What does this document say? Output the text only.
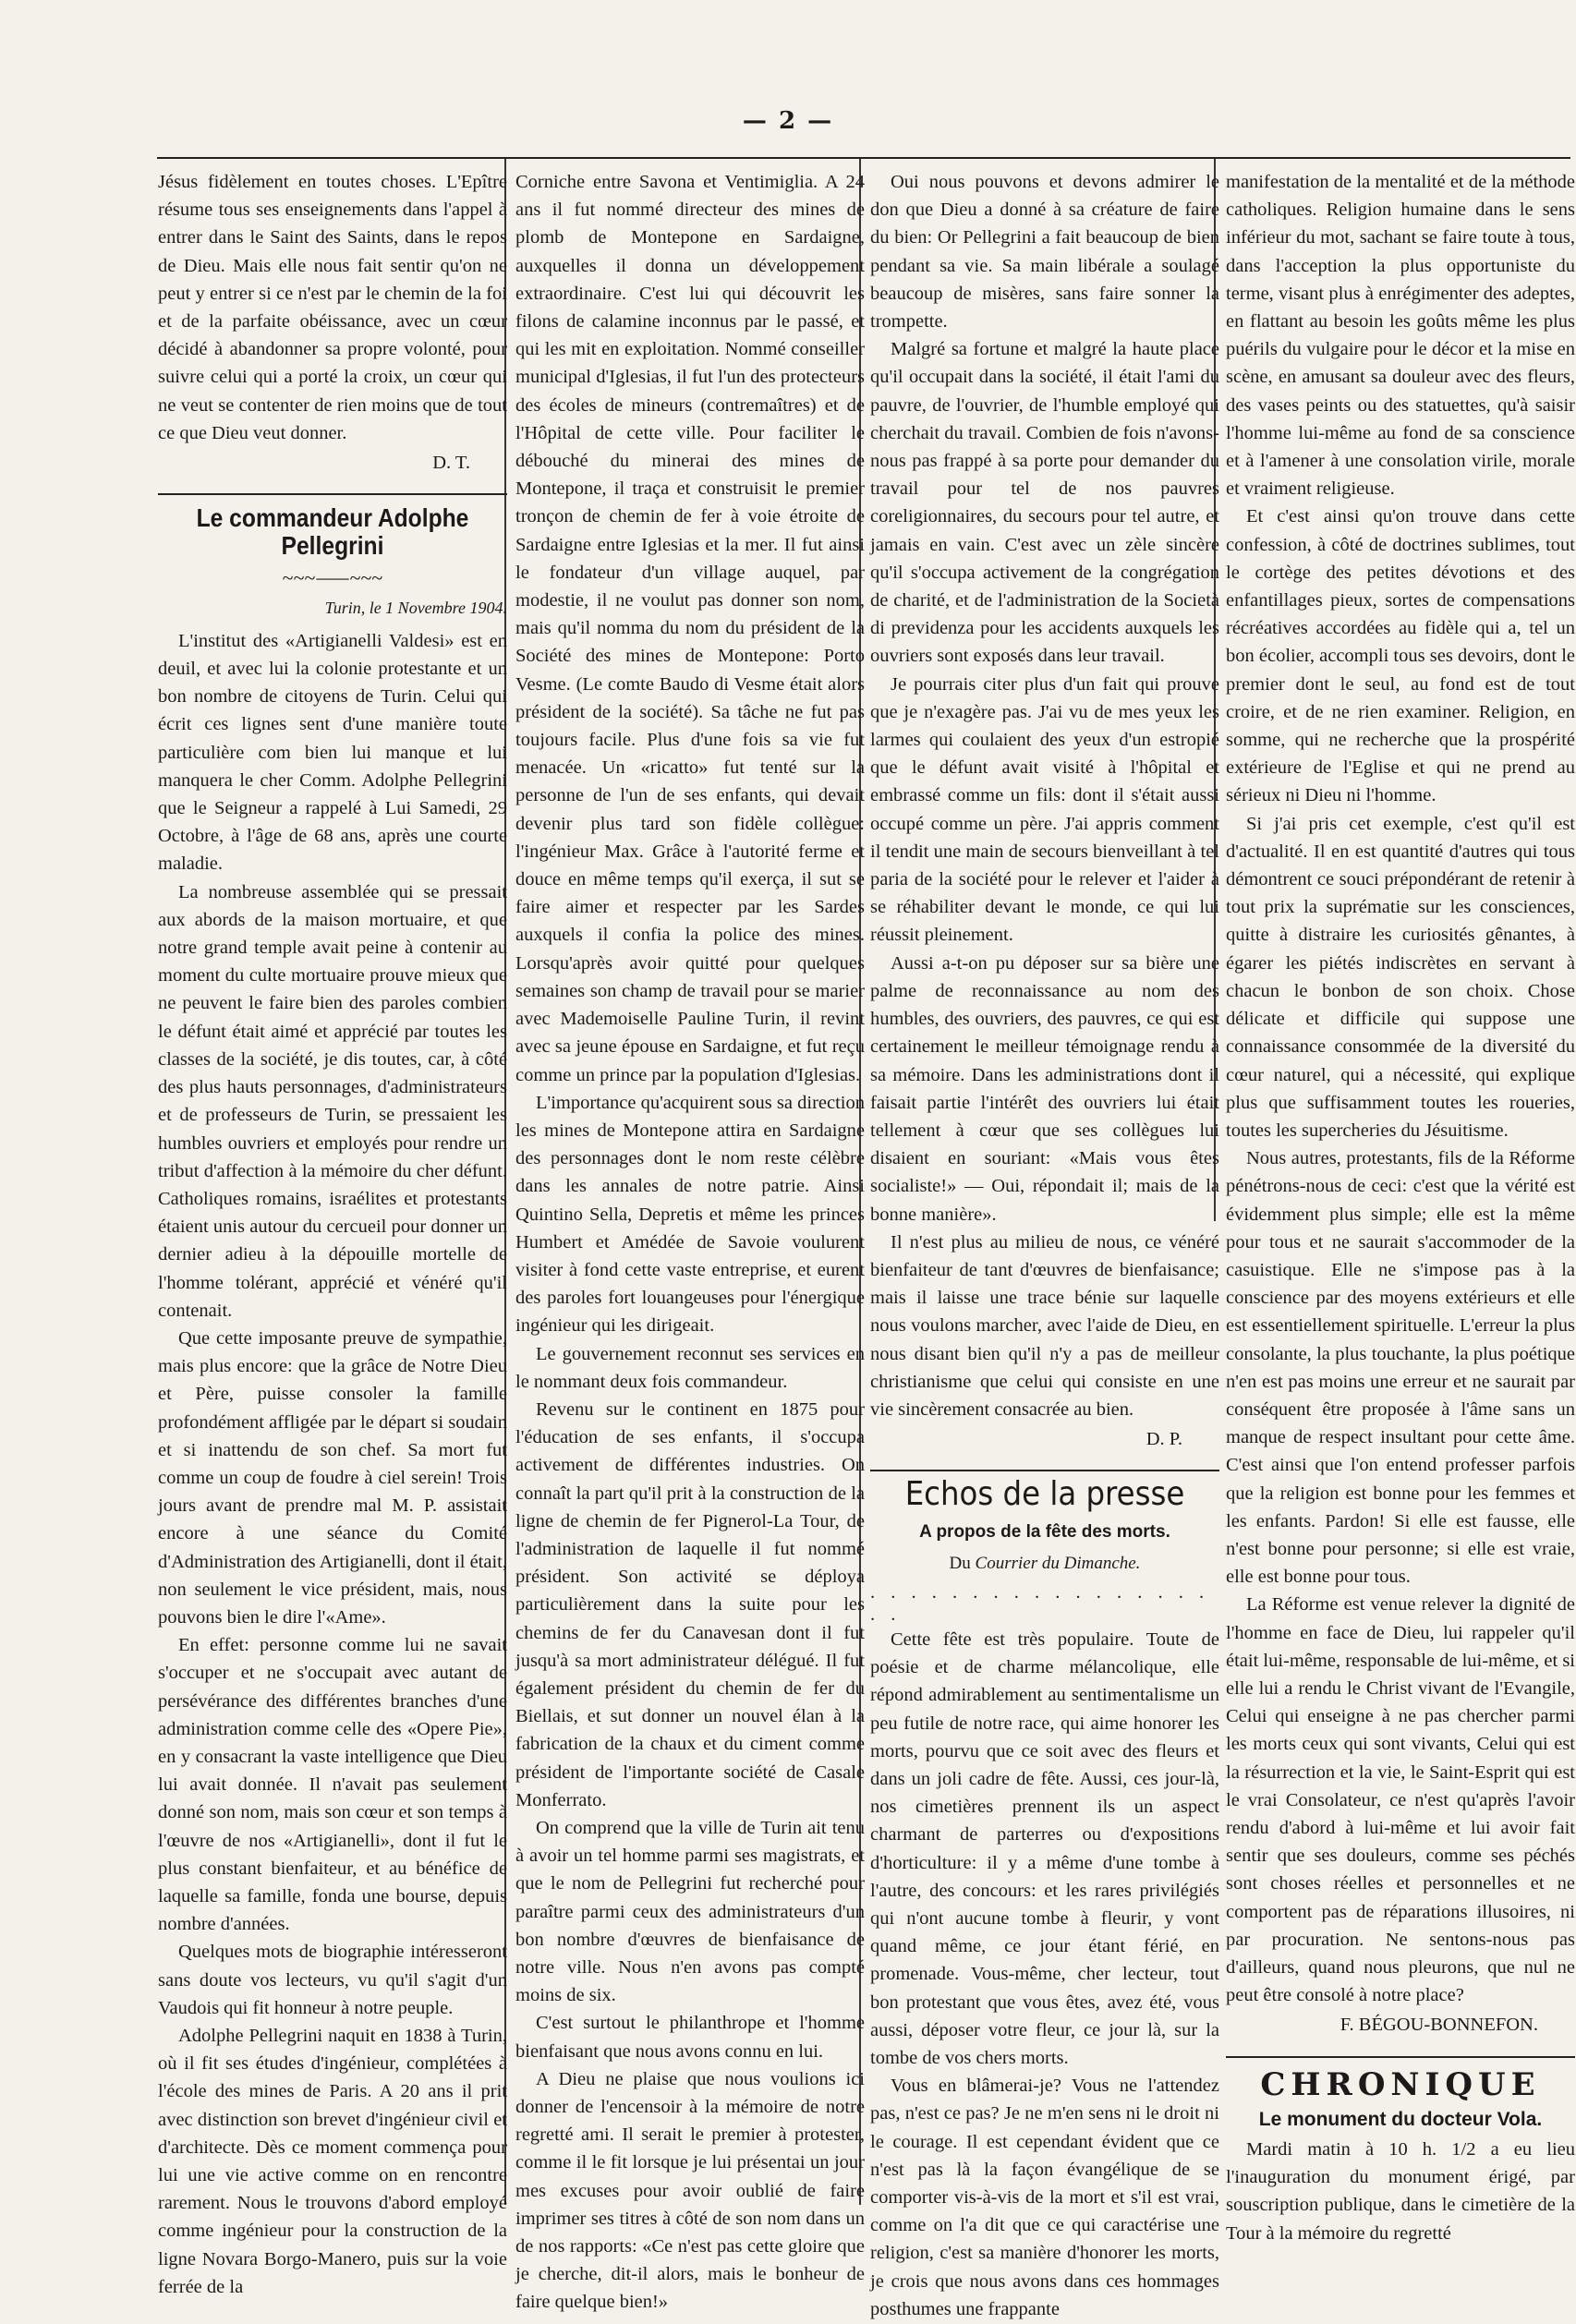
— 2 —

Jésus fidèlement en toutes choses. L'Epître résume tous ses enseignements dans l'appel à entrer dans le Saint des Saints, dans le repos de Dieu. Mais elle nous fait sentir qu'on ne peut y entrer si ce n'est par le chemin de la foi et de la parfaite obéissance, avec un cœur décidé à abandonner sa propre volonté, pour suivre celui qui a porté la croix, un cœur qui ne veut se contenter de rien moins que de tout ce que Dieu veut donner.

D. T.
Le commandeur Adolphe Pellegrini
~~~⸺~~~
Turin, le 1 Novembre 1904.

L'institut des «Artigianelli Valdesi» est en deuil, et avec lui la colonie protestante et un bon nombre de citoyens de Turin. Celui qui écrit ces lignes sent d'une manière toute particulière com bien lui manque et lui manquera le cher Comm. Adolphe Pellegrini que le Seigneur a rappelé à Lui Samedi, 29 Octobre, à l'âge de 68 ans, après une courte maladie.

La nombreuse assemblée qui se pressait aux abords de la maison mortuaire, et que notre grand temple avait peine à contenir au moment du culte mortuaire prouve mieux que ne peuvent le faire bien des paroles combien le défunt était aimé et apprécié par toutes les classes de la société, je dis toutes, car, à côté des plus hauts personnages, d'administrateurs et de professeurs de Turin, se pressaient les humbles ouvriers et employés pour rendre un tribut d'affection à la mémoire du cher défunt. Catholiques romains, israélites et protestants étaient unis autour du cercueil pour donner un dernier adieu à la dépouille mortelle de l'homme tolérant, apprécié et vénéré qu'il contenait.

Que cette imposante preuve de sympathie, mais plus encore: que la grâce de Notre Dieu et Père, puisse consoler la famille profondément affligée par le départ si soudain et si inattendu de son chef. Sa mort fut comme un coup de foudre à ciel serein! Trois jours avant de prendre mal M. P. assistait encore à une séance du Comité d'Administration des Artigianelli, dont il était, non seulement le vice président, mais, nous pouvons bien le dire l'«Ame».

En effet: personne comme lui ne savait s'occuper et ne s'occupait avec autant de persévérance des différentes branches d'une administration comme celle des «Opere Pie», en y consacrant la vaste intelligence que Dieu lui avait donnée. Il n'avait pas seulement donné son nom, mais son cœur et son temps à l'œuvre de nos «Artigianelli», dont il fut le plus constant bienfaiteur, et au bénéfice de laquelle sa famille, fonda une bourse, depuis nombre d'années.

Quelques mots de biographie intéresseront sans doute vos lecteurs, vu qu'il s'agit d'un Vaudois qui fit honneur à notre peuple.

Adolphe Pellegrini naquit en 1838 à Turin, où il fit ses études d'ingénieur, complétées à l'école des mines de Paris. A 20 ans il prit avec distinction son brevet d'ingénieur civil et d'architecte. Dès ce moment commença pour lui une vie active comme on en rencontre rarement. Nous le trouvons d'abord employé comme ingénieur pour la construction de la ligne Novara Borgo-Manero, puis sur la voie ferrée de la

Corniche entre Savona et Ventimiglia. A 24 ans il fut nommé directeur des mines de plomb de Montepone en Sardaigne, auxquelles il donna un développement extraordinaire. C'est lui qui découvrit les filons de calamine inconnus par le passé, et qui les mit en exploitation. Nommé conseiller municipal d'Iglesias, il fut l'un des protecteurs des écoles de mineurs (contremaîtres) et de l'Hôpital de cette ville. Pour faciliter le débouché du minerai des mines de Montepone, il traça et construisit le premier tronçon de chemin de fer à voie étroite de Sardaigne entre Iglesias et la mer. Il fut ainsi le fondateur d'un village auquel, par modestie, il ne voulut pas donner son nom, mais qu'il nomma du nom du président de la Société des mines de Montepone: Porto Vesme. (Le comte Baudo di Vesme était alors président de la société). Sa tâche ne fut pas toujours facile. Plus d'une fois sa vie fut menacée. Un «ricatto» fut tenté sur la personne de l'un de ses enfants, qui devait devenir plus tard son fidèle collègue: l'ingénieur Max. Grâce à l'autorité ferme et douce en même temps qu'il exerça, il sut se faire aimer et respecter par les Sardes auxquels il confia la police des mines. Lorsqu'après avoir quitté pour quelques semaines son champ de travail pour se marier avec Mademoiselle Pauline Turin, il revint avec sa jeune épouse en Sardaigne, et fut reçu comme un prince par la population d'Iglesias.

L'importance qu'acquirent sous sa direction les mines de Montepone attira en Sardaigne des personnages dont le nom reste célèbre dans les annales de notre patrie. Ainsi Quintino Sella, Depretis et même les princes Humbert et Amédée de Savoie voulurent visiter à fond cette vaste entreprise, et eurent des paroles fort louangeuses pour l'énergique ingénieur qui les dirigeait.

Le gouvernement reconnut ses services en le nommant deux fois commandeur.

Revenu sur le continent en 1875 pour l'éducation de ses enfants, il s'occupa activement de différentes industries. On connaît la part qu'il prit à la construction de la ligne de chemin de fer Pignerol-La Tour, de l'administration de laquelle il fut nommé président. Son activité se déploya particulièrement dans la suite pour les chemins de fer du Canavesan dont il fut jusqu'à sa mort administrateur délégué. Il fut également président du chemin de fer du Biellais, et sut donner un nouvel élan à la fabrication de la chaux et du ciment comme président de l'importante société de Casale Monferrato.

On comprend que la ville de Turin ait tenu à avoir un tel homme parmi ses magistrats, et que le nom de Pellegrini fut recherché pour paraître parmi ceux des administrateurs d'un bon nombre d'œuvres de bienfaisance de notre ville. Nous n'en avons pas compté moins de six.

C'est surtout le philanthrope et l'homme bienfaisant que nous avons connu en lui.

A Dieu ne plaise que nous voulions ici donner de l'encensoir à la mémoire de notre regretté ami. Il serait le premier à protester, comme il le fit lorsque je lui présentai un jour mes excuses pour avoir oublié de faire imprimer ses titres à côté de son nom dans un de nos rapports: «Ce n'est pas cette gloire que je cherche, dit-il alors, mais le bonheur de faire quelque bien!»

Oui nous pouvons et devons admirer le don que Dieu a donné à sa créature de faire du bien: Or Pellegrini a fait beaucoup de bien pendant sa vie. Sa main libérale a soulagé beaucoup de misères, sans faire sonner la trompette.

Malgré sa fortune et malgré la haute place qu'il occupait dans la société, il était l'ami du pauvre, de l'ouvrier, de l'humble employé qui cherchait du travail. Combien de fois n'avons-nous pas frappé à sa porte pour demander du travail pour tel de nos pauvres coreligionnaires, du secours pour tel autre, et jamais en vain. C'est avec un zèle sincère qu'il s'occupa activement de la congrégation de charité, et de l'administration de la Società di previdenza pour les accidents auxquels les ouvriers sont exposés dans leur travail.

Je pourrais citer plus d'un fait qui prouve que je n'exagère pas. J'ai vu de mes yeux les larmes qui coulaient des yeux d'un estropié que le défunt avait visité à l'hôpital et embrassé comme un fils: dont il s'était aussi occupé comme un père. J'ai appris comment il tendit une main de secours bienveillant à tel paria de la société pour le relever et l'aider à se réhabiliter devant le monde, ce qui lui réussit pleinement.

Aussi a-t-on pu déposer sur sa bière une palme de reconnaissance au nom des humbles, des ouvriers, des pauvres, ce qui est certainement le meilleur témoignage rendu à sa mémoire. Dans les administrations dont il faisait partie l'intérêt des ouvriers lui était tellement à cœur que ses collègues lui disaient en souriant: «Mais vous êtes socialiste!» — Oui, répondait il; mais de la bonne manière».

Il n'est plus au milieu de nous, ce vénéré bienfaiteur de tant d'œuvres de bienfaisance; mais il laisse une trace bénie sur laquelle nous voulons marcher, avec l'aide de Dieu, en nous disant bien qu'il n'y a pas de meilleur christianisme que celui qui consiste en une vie sincèrement consacrée au bien.

D. P.
Echos de la presse
A propos de la fête des morts.
Du Courrier du Dimanche.
. . . . . . . . . . . . . . . . . . .

Cette fête est très populaire. Toute de poésie et de charme mélancolique, elle répond admirablement au sentimentalisme un peu futile de notre race, qui aime honorer les morts, pourvu que ce soit avec des fleurs et dans un joli cadre de fête. Aussi, ces jour-là, nos cimetières prennent ils un aspect charmant de parterres ou d'expositions d'horticulture: il y a même d'une tombe à l'autre, des concours: et les rares privilégiés qui n'ont aucune tombe à fleurir, y vont quand même, ce jour étant férié, en promenade. Vous-même, cher lecteur, tout bon protestant que vous êtes, avez été, vous aussi, déposer votre fleur, ce jour là, sur la tombe de vos chers morts.

Vous en blâmerai-je? Vous ne l'attendez pas, n'est ce pas? Je ne m'en sens ni le droit ni le courage. Il est cependant évident que ce n'est pas là la façon évangélique de se comporter vis-à-vis de la mort et s'il est vrai, comme on l'a dit que ce qui caractérise une religion, c'est sa manière d'honorer les morts, je crois que nous avons dans ces hommages posthumes une frappante

manifestation de la mentalité et de la méthode catholiques. Religion humaine dans le sens inférieur du mot, sachant se faire toute à tous, dans l'acception la plus opportuniste du terme, visant plus à enrégimenter des adeptes, en flattant au besoin les goûts même les plus puérils du vulgaire pour le décor et la mise en scène, en amusant sa douleur avec des fleurs, des vases peints ou des statuettes, qu'à saisir l'homme lui-même au fond de sa conscience et à l'amener à une consolation virile, morale et vraiment religieuse.

Et c'est ainsi qu'on trouve dans cette confession, à côté de doctrines sublimes, tout le cortège des petites dévotions et des enfantillages pieux, sortes de compensations récréatives accordées au fidèle qui a, tel un bon écolier, accompli tous ses devoirs, dont le premier dont le seul, au fond est de tout croire, et de ne rien examiner. Religion, en somme, qui ne recherche que la prospérité extérieure de l'Eglise et qui ne prend au sérieux ni Dieu ni l'homme.

Si j'ai pris cet exemple, c'est qu'il est d'actualité. Il en est quantité d'autres qui tous démontrent ce souci prépondérant de retenir à tout prix la suprématie sur les consciences, quitte à distraire les curiosités gênantes, à égarer les piétés indiscrètes en servant à chacun le bonbon de son choix. Chose délicate et difficile qui suppose une connaissance consommée de la diversité du cœur naturel, qui a nécessité, qui explique plus que suffisamment toutes les roueries, toutes les supercheries du Jésuitisme.

Nous autres, protestants, fils de la Réforme pénétrons-nous de ceci: c'est que la vérité est évidemment plus simple; elle est la même pour tous et ne saurait s'accommoder de la casuistique. Elle ne s'impose pas à la conscience par des moyens extérieurs et elle est essentiellement spirituelle. L'erreur la plus consolante, la plus touchante, la plus poétique n'en est pas moins une erreur et ne saurait par conséquent être proposée à l'âme sans un manque de respect insultant pour cette âme. C'est ainsi que l'on entend professer parfois que la religion est bonne pour les femmes et les enfants. Pardon! Si elle est fausse, elle n'est bonne pour personne; si elle est vraie, elle est bonne pour tous.

La Réforme est venue relever la dignité de l'homme en face de Dieu, lui rappeler qu'il était lui-même, responsable de lui-même, et si elle lui a rendu le Christ vivant de l'Evangile, Celui qui enseigne à ne pas chercher parmi les morts ceux qui sont vivants, Celui qui est la résurrection et la vie, le Saint-Esprit qui est le vrai Consolateur, ce n'est qu'après l'avoir rendu d'abord à lui-même et lui avoir fait sentir que ses douleurs, comme ses péchés sont choses réelles et personnelles et ne comportent pas de réparations illusoires, ni par procuration. Ne sentons-nous pas d'ailleurs, quand nous pleurons, que nul ne peut être consolé à notre place?

F. BÉGOU-BONNEFON.
CHRONIQUE
Le monument du docteur Vola.

Mardi matin à 10 h. 1/2 a eu lieu l'inauguration du monument érigé, par souscription publique, dans le cimetière de la Tour à la mémoire du regretté
